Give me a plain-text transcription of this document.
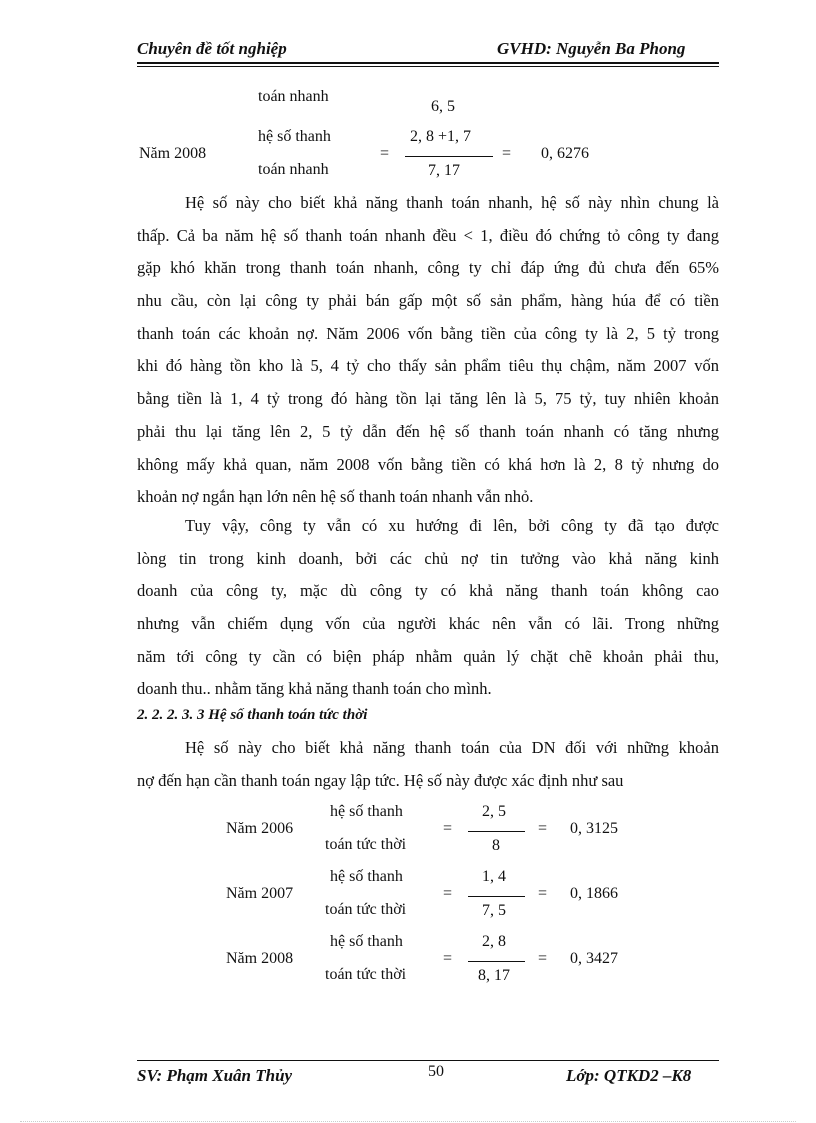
Chuyên đề tốt nghiệp	GVHD: Nguyễn Ba Phong
toán nhanh
6, 5
Năm 2008
hệ số thanh
toán nhanh
=
2, 8 +1, 7
7, 17
= 0, 6276
Hệ số này cho biết khả năng thanh toán nhanh, hệ số này nhìn chung là
thấp. Cả ba năm hệ số thanh toán nhanh đều < 1, điều đó chứng tỏ công ty đang
gặp khó khăn trong thanh toán nhanh, công ty chỉ đáp ứng đủ chưa đến 65%
nhu cầu, còn lại công ty phải bán gấp một số sản phẩm, hàng húa để có tiền
thanh toán các khoản nợ. Năm 2006 vốn bằng tiền của công ty là 2, 5 tỷ trong
khi đó hàng tồn kho là 5, 4 tỷ cho thấy sản phẩm tiêu thụ chậm, năm 2007 vốn
bằng tiền là 1, 4 tỷ trong đó hàng tồn lại tăng lên là 5, 75 tỷ, tuy nhiên khoản
phải thu lại tăng lên 2, 5 tỷ dẫn đến hệ số thanh toán nhanh có tăng nhưng
không mấy khả quan, năm 2008 vốn bằng tiền có khá hơn là 2, 8 tỷ nhưng do
khoản nợ ngắn hạn lớn nên hệ số thanh toán nhanh vẫn nhỏ.
Tuy vậy, công ty vẫn có xu hướng đi lên, bởi công ty đã tạo được
lòng tin trong kinh doanh, bởi các chủ nợ tin tưởng vào khả năng kinh
doanh của công ty, mặc dù công ty có khả năng thanh toán không cao
nhưng vẫn chiếm dụng vốn của người khác nên vẫn có lãi. Trong những
năm tới công ty cần có biện pháp nhằm quản lý chặt chẽ khoản phải thu,
doanh thu.. nhằm tăng khả năng thanh toán cho mình.
2. 2. 2. 3. 3 Hệ số thanh toán tức thời
Hệ số này cho biết khả năng thanh toán của DN đối với những khoản
nợ đến hạn cần thanh toán ngay lập tức. Hệ số này được xác định như sau
Năm 2006
hệ số thanh
toán tức thời
=
2, 5
8
= 0, 3125
Năm 2007
hệ số thanh
toán tức thời
=
1, 4
7, 5
= 0, 1866
Năm 2008
hệ số thanh
toán tức thời
=
2, 8
8, 17
= 0, 3427
SV: Phạm Xuân Thủy	50	Lớp: QTKD2 –K8
